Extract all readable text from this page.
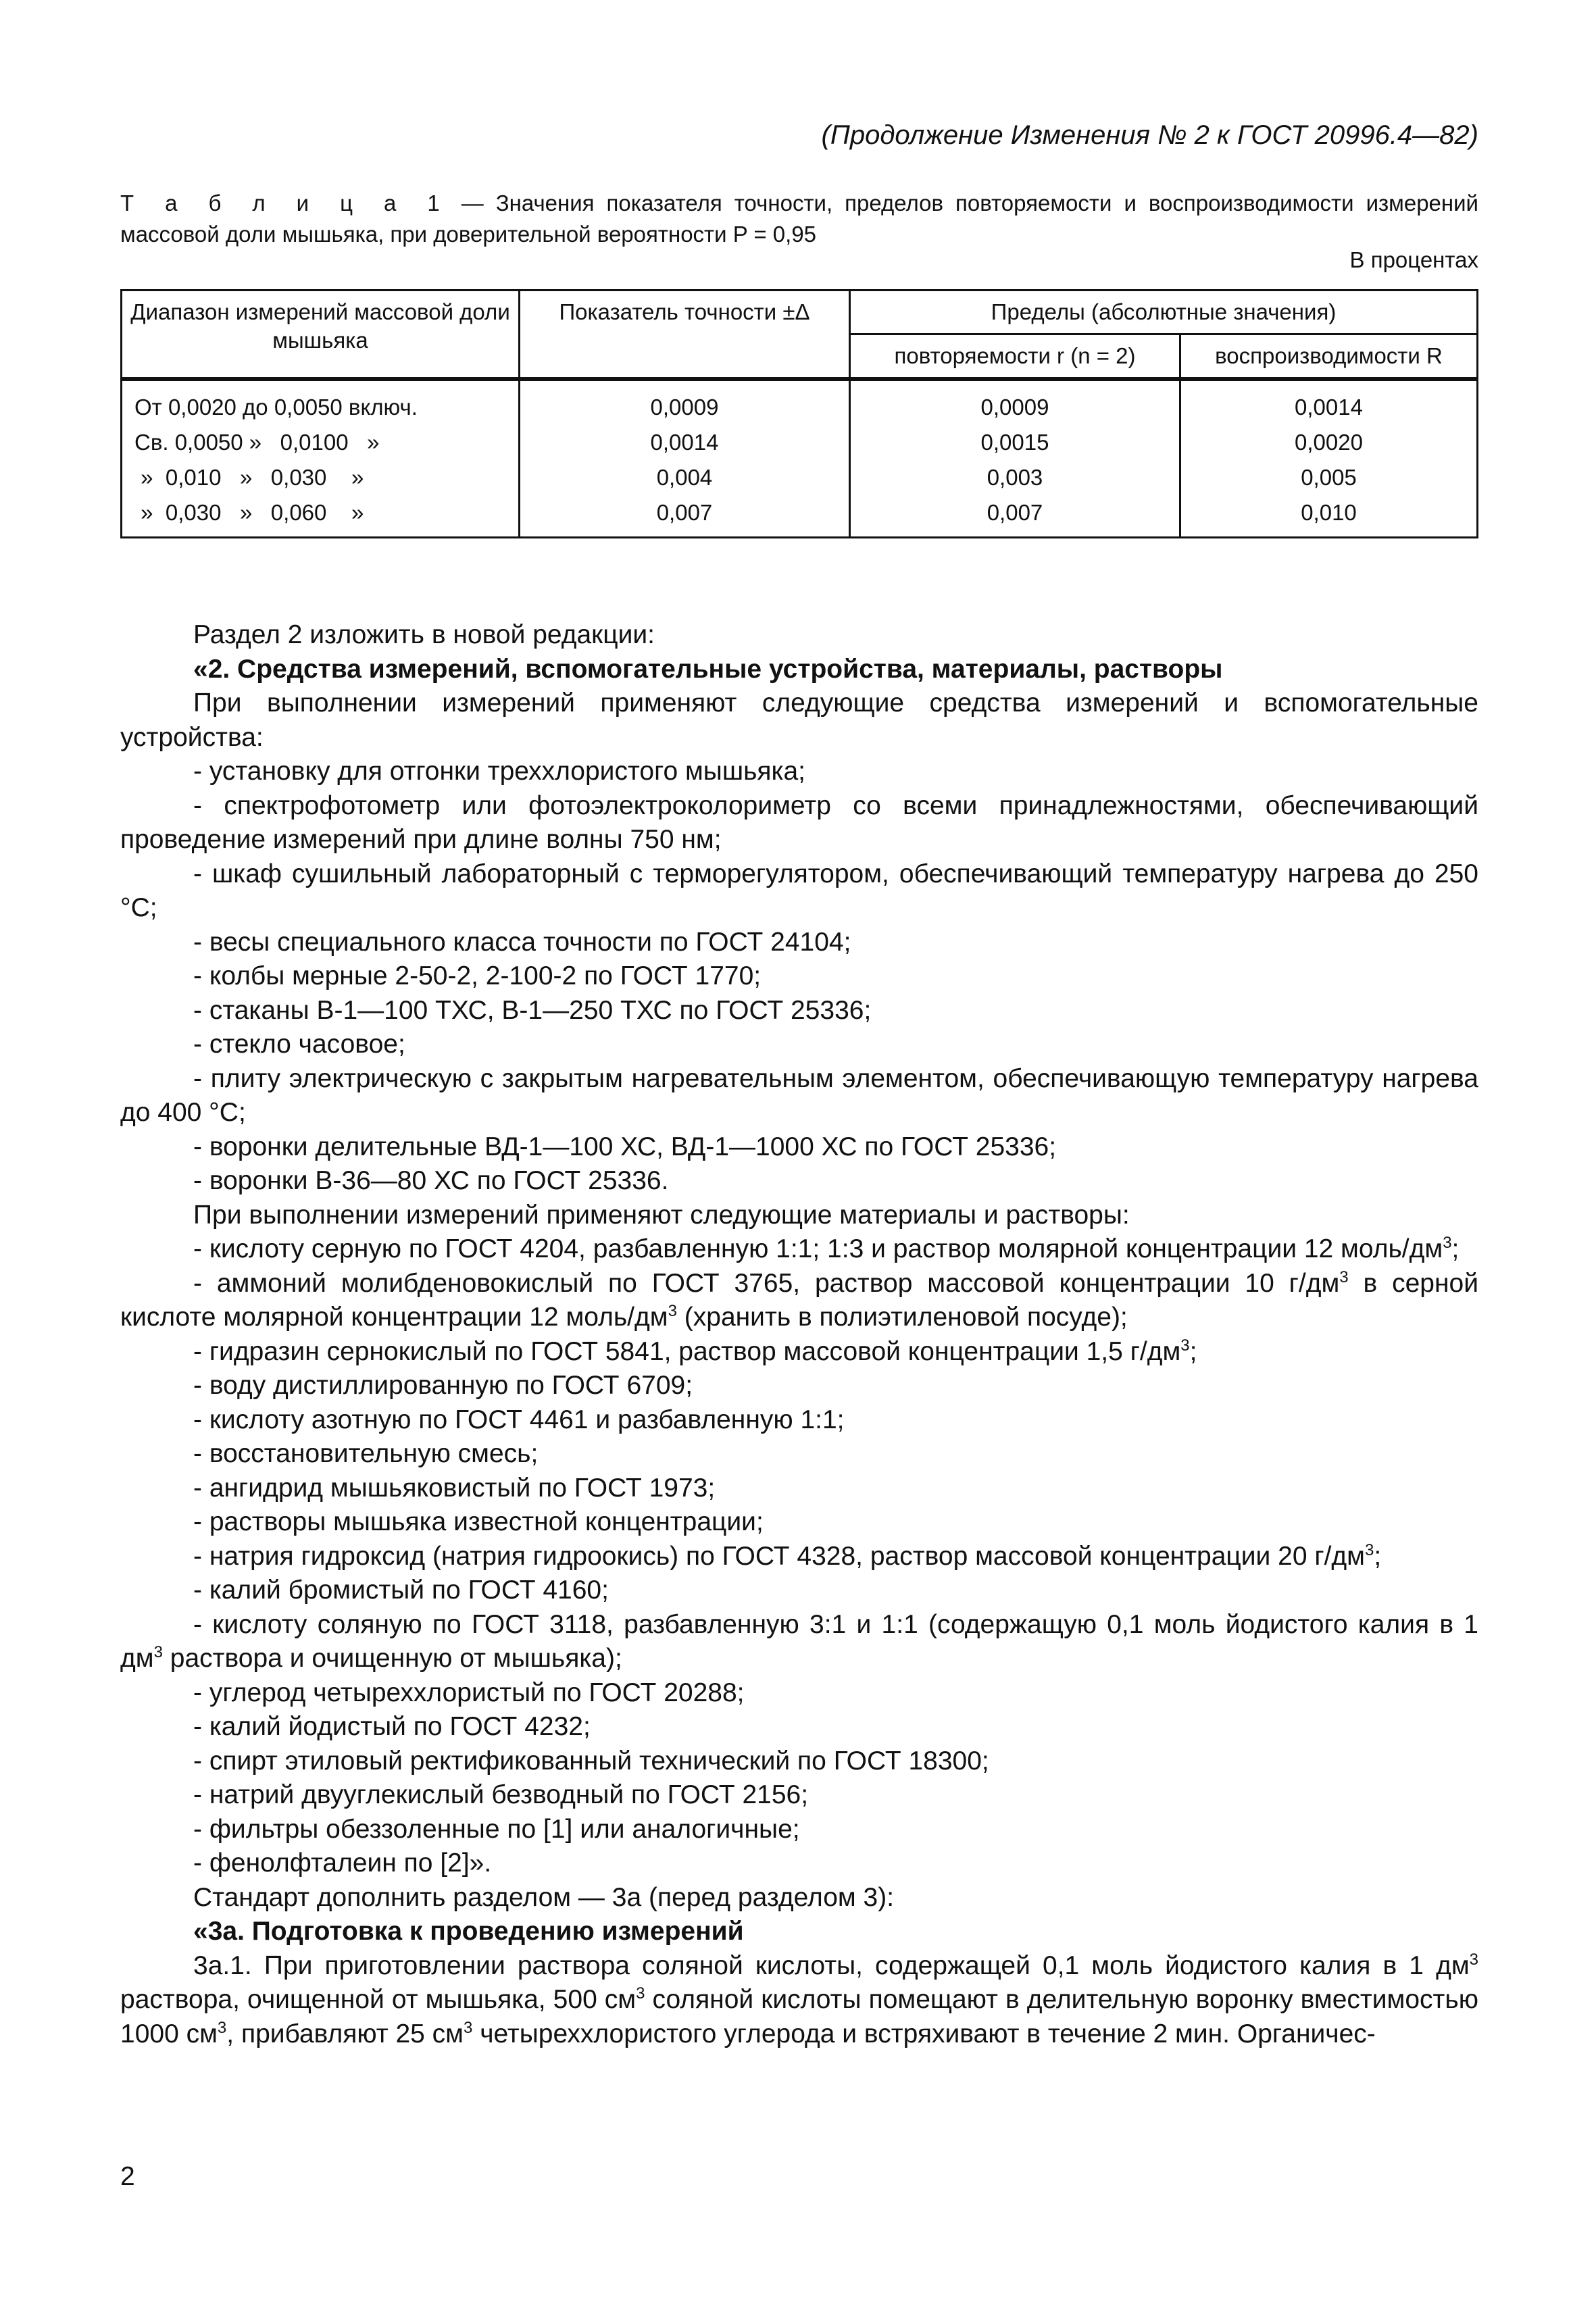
(Продолжение Изменения № 2 к ГОСТ 20996.4—82)
Т а б л и ц а 1 — Значения показателя точности, пределов повторяемости и воспроизводимости измерений массовой доли мышьяка, при доверительной вероятности P = 0,95
В процентах
Диапазон измерений массовой доли мышьяка	Показатель точности ±Δ	Пределы (абсолютные значения)	
		повторяемости r (n = 2)	воспроизводимости R
От 0,0020 до 0,0050 включ.	0,0009	0,0009	0,0014
Св. 0,0050 »   0,0100   »	0,0014	0,0015	0,0020
»  0,010   »   0,030    »	0,004	0,003	0,005
»  0,030   »   0,060    »	0,007	0,007	0,010

Раздел 2 изложить в новой редакции:

«2. Средства измерений, вспомогательные устройства, материалы, растворы

При выполнении измерений применяют следующие средства измерений и вспомогательные устройства:

- установку для отгонки треххлористого мышьяка;

- спектрофотометр или фотоэлектроколориметр со всеми принадлежностями, обеспечивающий проведение измерений при длине волны 750 нм;

- шкаф сушильный лабораторный с терморегулятором, обеспечивающий температуру нагрева до 250 °С;

- весы специального класса точности по ГОСТ 24104;

- колбы мерные 2-50-2, 2-100-2 по ГОСТ 1770;

- стаканы В-1—100 ТХС, В-1—250 ТХС по ГОСТ 25336;

- стекло часовое;

- плиту электрическую с закрытым нагревательным элементом, обеспечивающую температуру нагрева до 400 °С;

- воронки делительные ВД-1—100 ХС, ВД-1—1000 ХС по ГОСТ 25336;

- воронки В-36—80 ХС по ГОСТ 25336.

При выполнении измерений применяют следующие материалы и растворы:

- кислоту серную по ГОСТ 4204, разбавленную 1:1; 1:3 и раствор молярной концентрации 12 моль/$дм^3$;

- аммоний молибденовокислый по ГОСТ 3765, раствор массовой концентрации 10 $г/дм^3$ в серной кислоте молярной концентрации 12 моль/$дм^3$ (хранить в полиэтиленовой посуде);

- гидразин сернокислый по ГОСТ 5841, раствор массовой концентрации 1,5 $г/дм^3$;

- воду дистиллированную по ГОСТ 6709;

- кислоту азотную по ГОСТ 4461 и разбавленную 1:1;

- восстановительную смесь;

- ангидрид мышьяковистый по ГОСТ 1973;

- растворы мышьяка известной концентрации;

- натрия гидроксид (натрия гидроокись) по ГОСТ 4328, раствор массовой концентрации 20 $г/дм^3$;

- калий бромистый по ГОСТ 4160;

- кислоту соляную по ГОСТ 3118, разбавленную 3:1 и 1:1 (содержащую 0,1 моль йодистого калия в 1 $дм^3$ раствора и очищенную от мышьяка);

- углерод четыреххлористый по ГОСТ 20288;

- калий йодистый по ГОСТ 4232;

- спирт этиловый ректификованный технический по ГОСТ 18300;

- натрий двууглекислый безводный по ГОСТ 2156;

- фильтры обеззоленные по [1] или аналогичные;

- фенолфталеин по [2]».

Стандарт дополнить разделом — 3а (перед разделом 3):

«3а. Подготовка к проведению измерений

3а.1. При приготовлении раствора соляной кислоты, содержащей 0,1 моль йодистого калия в 1 $дм^3$ раствора, очищенной от мышьяка, 500 $см^3$ соляной кислоты помещают в делительную воронку вместимостью 1000 $см^3$, прибавляют 25 $см^3$ четыреххлористого углерода и встряхивают в течение 2 мин. Органичес-

2
